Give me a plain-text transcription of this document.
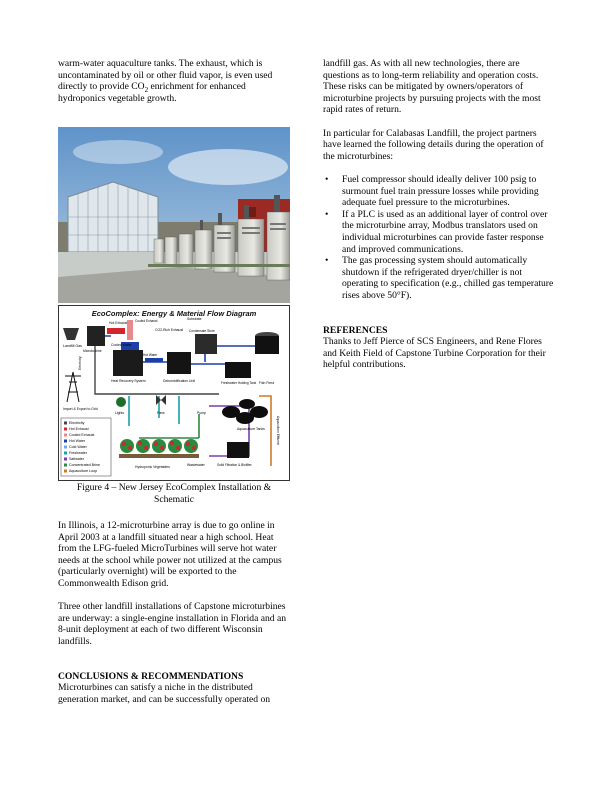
warm-water aquaculture tanks. The exhaust, which is uncontaminated by oil or other fluid vapor, is even used directly to provide $CO_2$ enrichment for enhanced hydroponics vegetable growth.

EcoComplex: Energy & Material Flow Diagram
Landfill Gas
Microturbine
Hot Exhaust Cooled Exhaust
CO2-Rich Exhaust
Substrate
Cooled Water
Heat Recovery System
Hot Water
Dehumidification Unit
Condensate Store
Freshwater Holding Tank Fish Feed
Import & Export to Grid
Electricity
Aquaculture Tanks	Aquaculture Effluent
Lights	Fans	Pump
Hydroponic Vegetables	Wastewater	Solid Filtration & Biofilter
Electricity
Hot Exhaust
Cooled Exhaust
Hot Water
Cold Water
Freshwater
Saltwater
Concentrated Brine
Aquaculture Loop
Figure 4 – New Jersey EcoComplex Installation &
Schematic

In Illinois, a 12-microturbine array is due to go online in April 2003 at a landfill situated near a high school. Heat from the LFG-fueled MicroTurbines will serve hot water needs at the school while power not utilized at the campus (particularly overnight) will be exported to the Commonwealth Edison grid.

Three other landfill installations of Capstone microturbines are underway: a single-engine installation in Florida and an 8-unit deployment at each of two different Wisconsin landfills.

CONCLUSIONS & RECOMMENDATIONS

Microturbines can satisfy a niche in the distributed generation market, and can be successfully operated on

landfill gas. As with all new technologies, there are questions as to long-term reliability and operation costs. These risks can be mitigated by owners/operators of microturbine projects by pursuing projects with the most rapid rates of return.

In particular for Calabasas Landfill, the project partners have learned the following details during the operation of the microturbines:

• Fuel compressor should ideally deliver 100 psig to surmount fuel train pressure losses while providing adequate fuel pressure to the microturbines.
• If a PLC is used as an additional layer of control over the microturbine array, Modbus translators used on individual microturbines can provide faster response and improved communications.
• The gas processing system should automatically shutdown if the refrigerated dryer/chiller is not operating to specification (e.g., chilled gas temperature rises above 50°F).

REFERENCES

Thanks to Jeff Pierce of SCS Engineers, and Rene Flores and Keith Field of Capstone Turbine Corporation for their helpful contributions.
